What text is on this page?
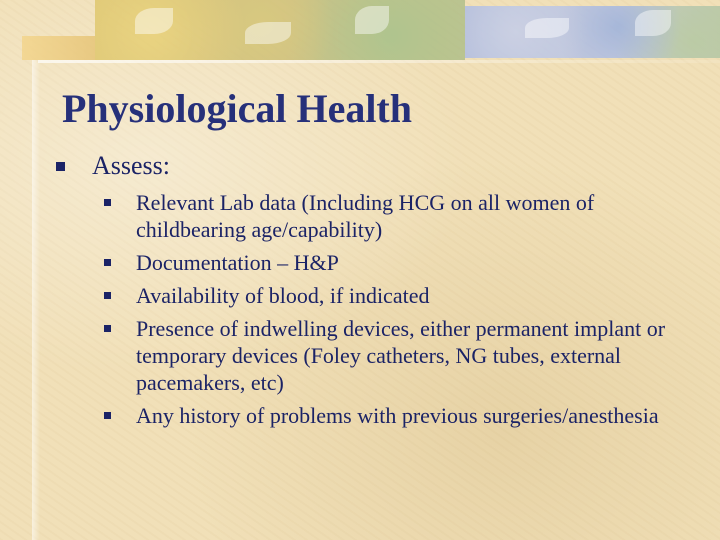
Physiological Health
Assess:
Relevant Lab data (Including HCG on all women of childbearing age/capability)
Documentation – H&P
Availability of blood, if indicated
Presence of indwelling devices, either permanent implant or temporary devices (Foley catheters, NG tubes, external pacemakers, etc)
Any history of problems with previous surgeries/anesthesia
